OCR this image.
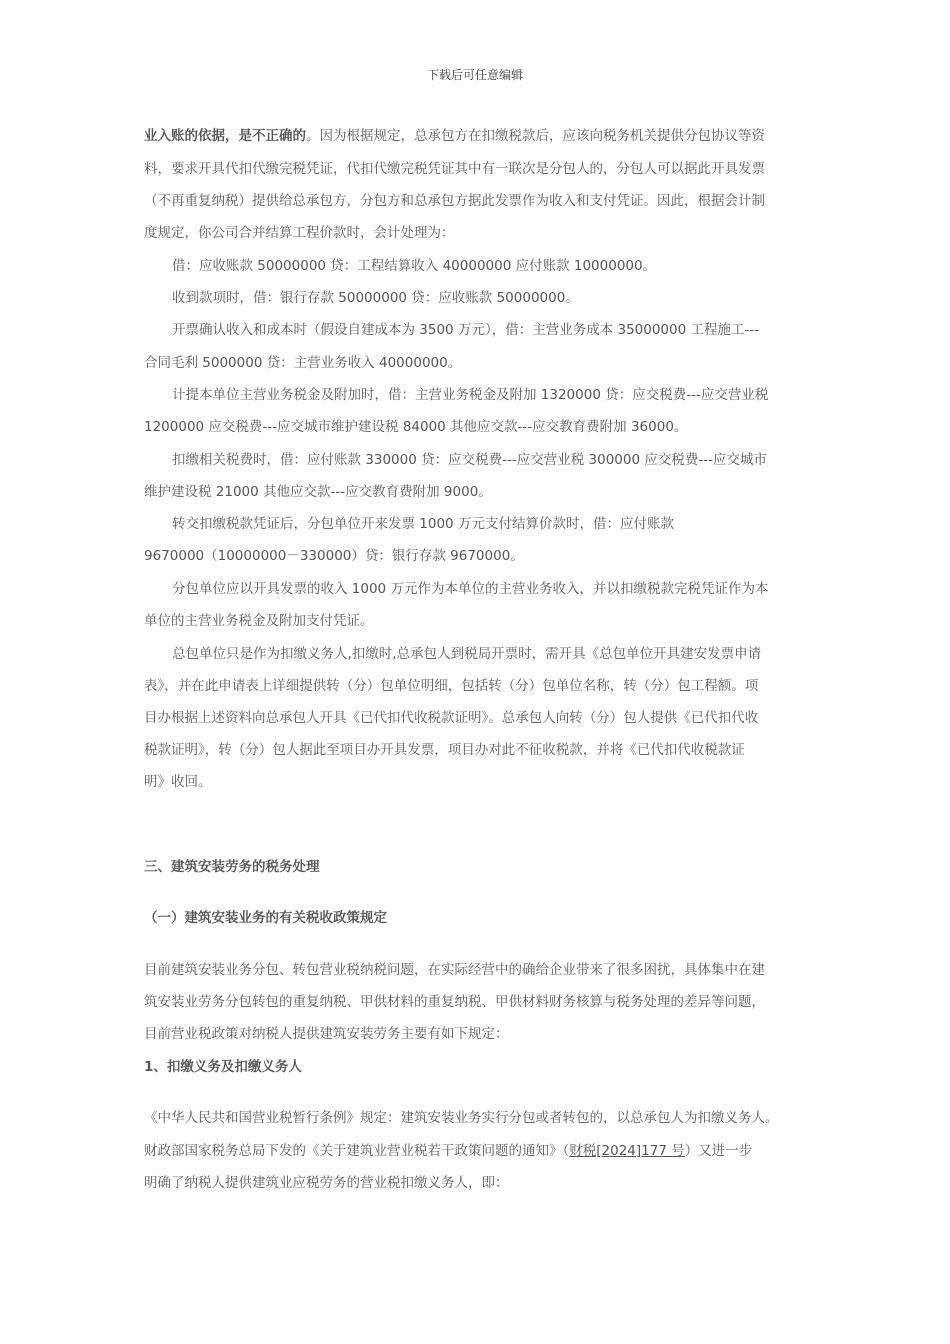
下载后可任意编辑
业入账的依据，是不正确的。因为根据规定，总承包方在扣缴税款后，应该向税务机关提供分包协议等资
料，要求开具代扣代缴完税凭证，代扣代缴完税凭证其中有一联次是分包人的，分包人可以据此开具发票
（不再重复纳税）提供给总承包方，分包方和总承包方据此发票作为收入和支付凭证。因此，根据会计制
度规定，你公司合并结算工程价款时，会计处理为：
借：应收账款 50000000 贷：工程结算收入 40000000 应付账款 10000000。
收到款项时，借：银行存款 50000000 贷：应收账款 50000000。
开票确认收入和成本时（假设自建成本为 3500 万元），借：主营业务成本 35000000 工程施工---
合同毛利 5000000 贷：主营业务收入 40000000。
计提本单位主营业务税金及附加时，借：主营业务税金及附加 1320000 贷：应交税费---应交营业税
1200000 应交税费---应交城市维护建设税 84000 其他应交款---应交教育费附加 36000。
扣缴相关税费时，借：应付账款 330000 贷：应交税费---应交营业税 300000 应交税费---应交城市
维护建设税 21000 其他应交款---应交教育费附加 9000。
转交扣缴税款凭证后，分包单位开来发票 1000 万元支付结算价款时，借：应付账款
9670000（10000000－330000）贷：银行存款 9670000。
分包单位应以开具发票的收入 1000 万元作为本单位的主营业务收入，并以扣缴税款完税凭证作为本
单位的主营业务税金及附加支付凭证。
总包单位只是作为扣缴义务人,扣缴时,总承包人到税局开票时，需开具《总包单位开具建安发票申请
表》，并在此申请表上详细提供转（分）包单位明细，包括转（分）包单位名称，转（分）包工程额。项
目办根据上述资料向总承包人开具《已代扣代收税款证明》。总承包人向转（分）包人提供《已代扣代收
税款证明》，转（分）包人据此至项目办开具发票，项目办对此不征收税款，并将《已代扣代收税款证
明》收回。
三、建筑安装劳务的税务处理
（一）建筑安装业务的有关税收政策规定
目前建筑安装业务分包、转包营业税纳税问题，在实际经营中的确给企业带来了很多困扰，具体集中在建
筑安装业劳务分包转包的重复纳税、甲供材料的重复纳税、甲供材料财务核算与税务处理的差异等问题，
目前营业税政策对纳税人提供建筑安装劳务主要有如下规定：
1、扣缴义务及扣缴义务人
《中华人民共和国营业税暂行条例》规定：建筑安装业务实行分包或者转包的，以总承包人为扣缴义务人。
财政部国家税务总局下发的《关于建筑业营业税若干政策问题的通知》（财税[2024]177 号）又进一步
明确了纳税人提供建筑业应税劳务的营业税扣缴义务人，即：
